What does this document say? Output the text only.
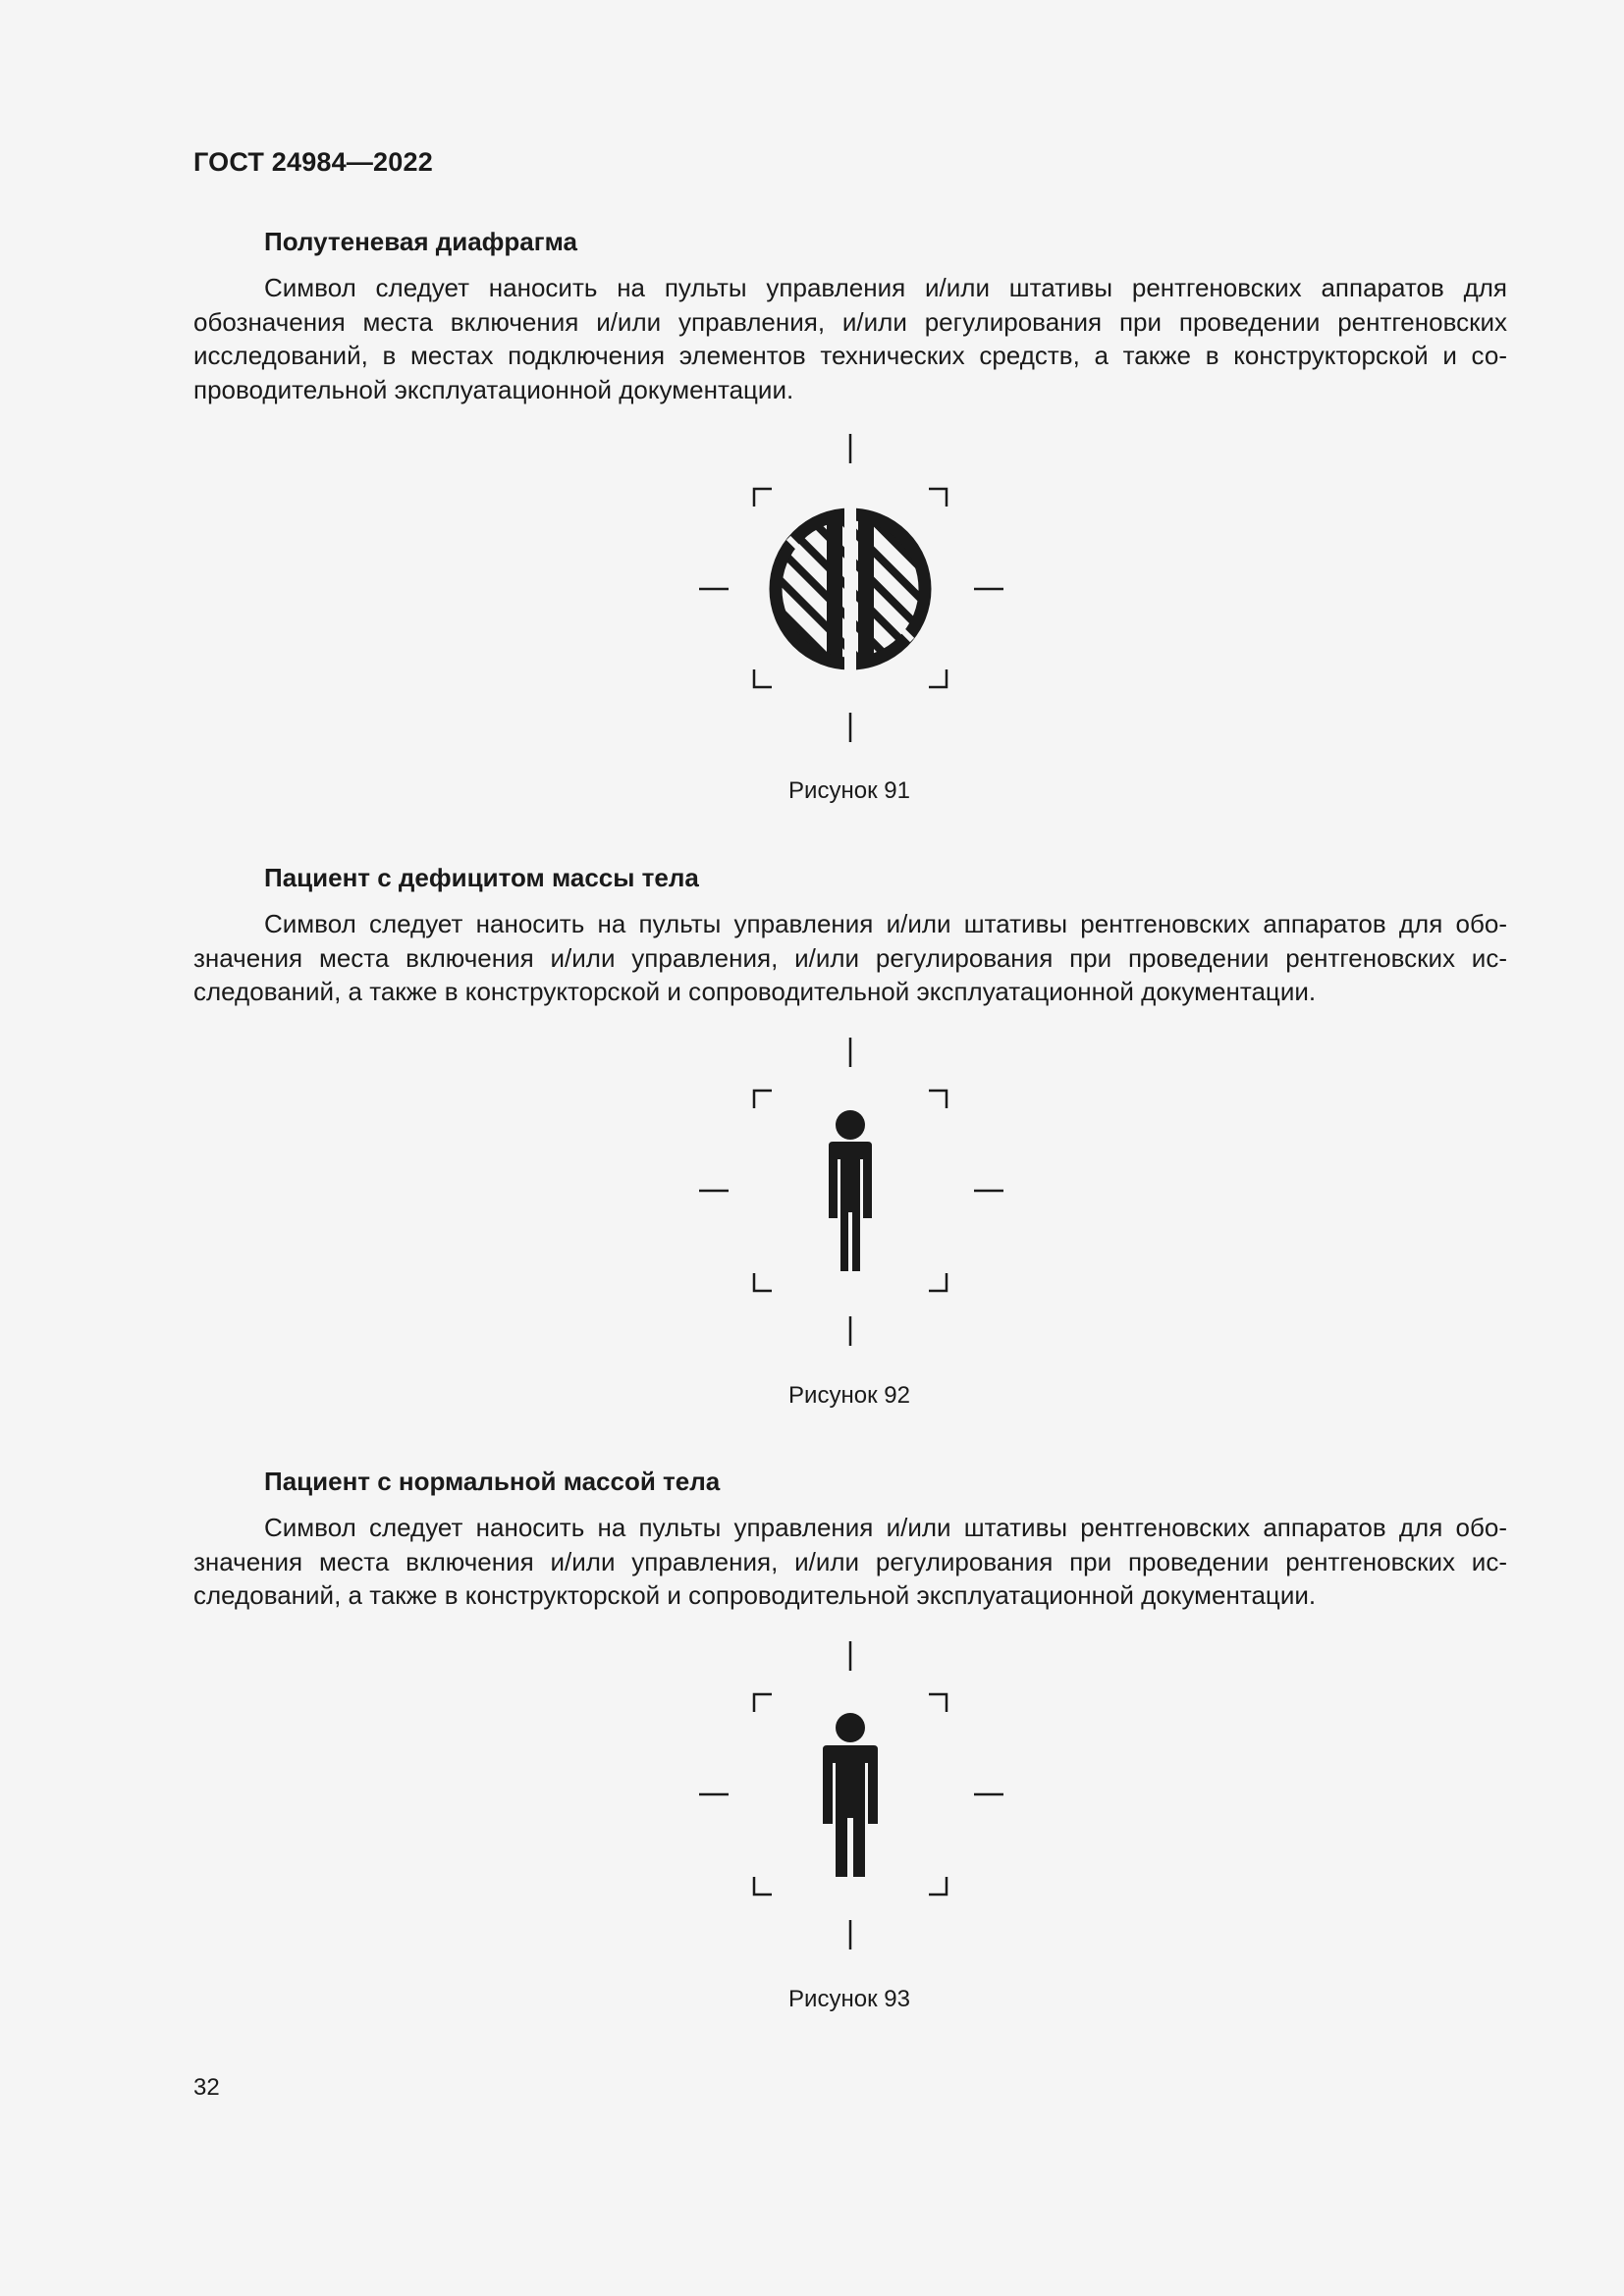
ГОСТ 24984—2022

Полутеневая диафрагма

Символ следует наносить на пульты управления и/или штативы рентгеновских аппаратов для обозначения места включения и/или управления, и/или регулирования при проведении рентгеновских исследований, в местах подключения элементов технических средств, а также в конструкторской и сопроводительной эксплуатационной документации.

Рисунок 91

Пациент с дефицитом массы тела

Символ следует наносить на пульты управления и/или штативы рентгеновских аппаратов для обозначения места включения и/или управления, и/или регулирования при проведении рентгеновских исследований, а также в конструкторской и сопроводительной эксплуатационной документации.

Рисунок 92

Пациент с нормальной массой тела

Символ следует наносить на пульты управления и/или штативы рентгеновских аппаратов для обозначения места включения и/или управления, и/или регулирования при проведении рентгеновских исследований, а также в конструкторской и сопроводительной эксплуатационной документации.

Рисунок 93
32
